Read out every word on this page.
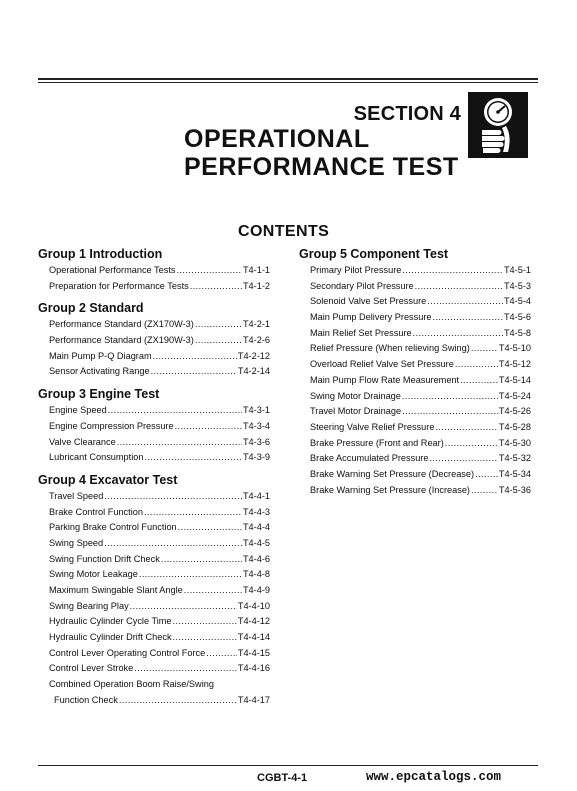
SECTION 4
OPERATIONAL
PERFORMANCE TEST
CONTENTS
Group 1 Introduction
Operational Performance Tests .....	T4-1-1
Preparation for Performance Tests .....	T4-1-2
Group 2 Standard
Performance Standard (ZX170W-3) .....	T4-2-1
Performance Standard (ZX190W-3) .....	T4-2-6
Main Pump P-Q Diagram .....	T4-2-12
Sensor Activating Range .....	T4-2-14
Group 3 Engine Test
Engine Speed .....	T4-3-1
Engine Compression Pressure .....	T4-3-4
Valve Clearance .....	T4-3-6
Lubricant Consumption .....	T4-3-9
Group 4 Excavator Test
Travel Speed .....	T4-4-1
Brake Control Function .....	T4-4-3
Parking Brake Control Function .....	T4-4-4
Swing Speed .....	T4-4-5
Swing Function Drift Check .....	T4-4-6
Swing Motor Leakage .....	T4-4-8
Maximum Swingable Slant Angle .....	T4-4-9
Swing Bearing Play .....	T4-4-10
Hydraulic Cylinder Cycle Time .....	T4-4-12
Hydraulic Cylinder Drift Check .....	T4-4-14
Control Lever Operating Control Force .....	T4-4-15
Control Lever Stroke .....	T4-4-16
Combined Operation Boom Raise/Swing
Function Check .....	T4-4-17
Group 5 Component Test
Primary Pilot Pressure .....	T4-5-1
Secondary Pilot Pressure .....	T4-5-3
Solenoid Valve Set Pressure .....	T4-5-4
Main Pump Delivery Pressure .....	T4-5-6
Main Relief Set Pressure .....	T4-5-8
Relief Pressure (When relieving Swing) .....	T4-5-10
Overload Relief Valve Set Pressure .....	T4-5-12
Main Pump Flow Rate Measurement .....	T4-5-14
Swing Motor Drainage .....	T4-5-24
Travel Motor Drainage .....	T4-5-26
Steering Valve Relief Pressure .....	T4-5-28
Brake Pressure (Front and Rear) .....	T4-5-30
Brake Accumulated Pressure .....	T4-5-32
Brake Warning Set Pressure (Decrease) .....	T4-5-34
Brake Warning Set Pressure (Increase) .....	T4-5-36
CGBT-4-1	www.epcatalogs.com
